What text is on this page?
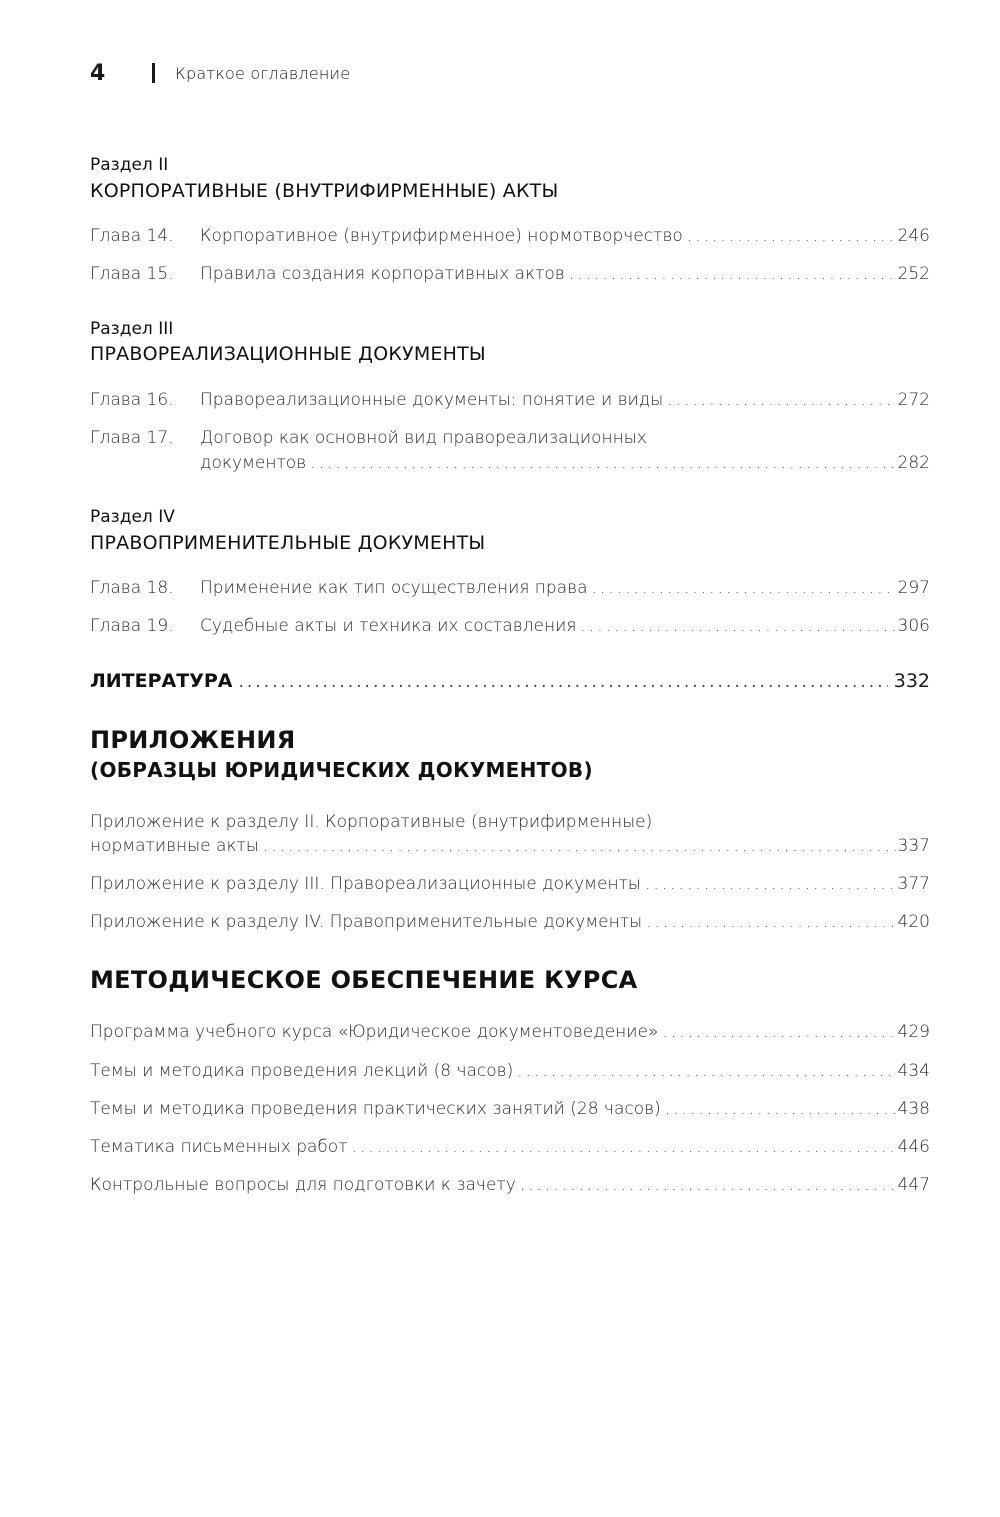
4	Краткое оглавление
Раздел II
КОРПОРАТИВНЫЕ (ВНУТРИФИРМЕННЫЕ) АКТЫ
Глава 14.	Корпоративное (внутрифирменное) нормотворчество .....	246
Глава 15.	Правила создания корпоративных актов .....	252
Раздел III
ПРАВОРЕАЛИЗАЦИОННЫЕ ДОКУМЕНТЫ
Глава 16.	Правореализационные документы: понятие и виды .....	272
Глава 17.	Договор как основной вид правореализационных
документов .....	282
Раздел IV
ПРАВОПРИМЕНИТЕЛЬНЫЕ ДОКУМЕНТЫ
Глава 18.	Применение как тип осуществления права .....	297
Глава 19.	Судебные акты и техника их составления .....	306
ЛИТЕРАТУРА .....	332
ПРИЛОЖЕНИЯ
(ОБРАЗЦЫ ЮРИДИЧЕСКИХ ДОКУМЕНТОВ)
Приложение к разделу II. Корпоративные (внутрифирменные)
нормативные акты .....	337
Приложение к разделу III. Правореализационные документы .....	377
Приложение к разделу IV. Правоприменительные документы .....	420
МЕТОДИЧЕСКОЕ ОБЕСПЕЧЕНИЕ КУРСА
Программа учебного курса «Юридическое документоведение» .....	429
Темы и методика проведения лекций (8 часов) .....	434
Темы и методика проведения практических занятий (28 часов) .....	438
Тематика письменных работ .....	446
Контрольные вопросы для подготовки к зачету .....	447
